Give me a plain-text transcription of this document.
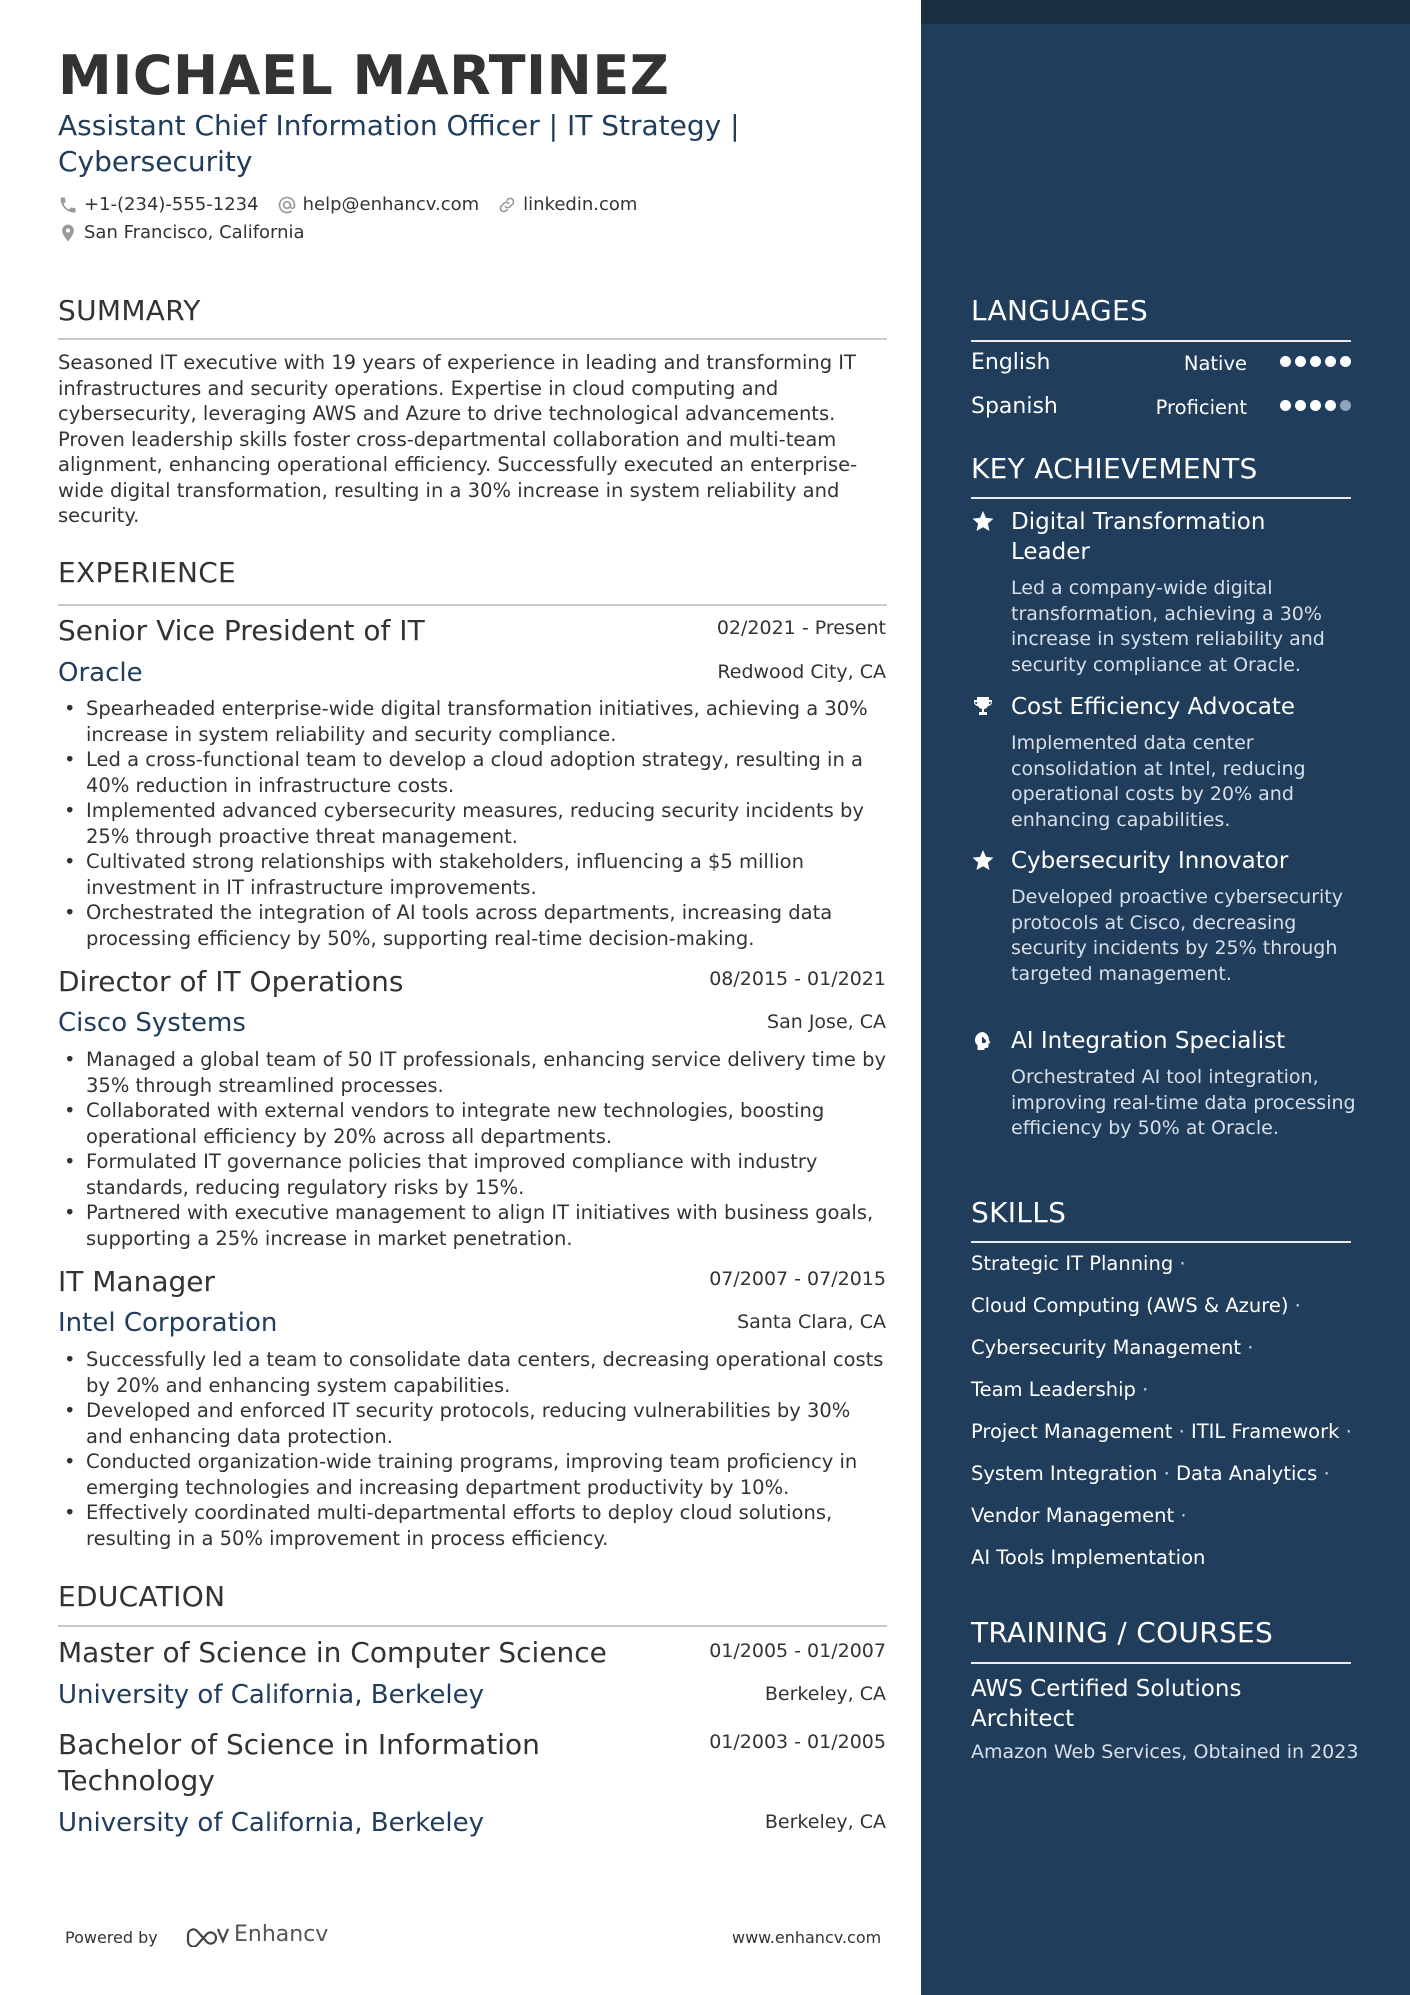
MICHAEL MARTINEZ
Assistant Chief Information Officer | IT Strategy | Cybersecurity
+1-(234)-555-1234 help@enhancv.com linkedin.com
San Francisco, California
SUMMARY
Seasoned IT executive with 19 years of experience in leading and transforming IT infrastructures and security operations. Expertise in cloud computing and cybersecurity, leveraging AWS and Azure to drive technological advancements. Proven leadership skills foster cross-departmental collaboration and multi-team alignment, enhancing operational efficiency. Successfully executed an enterprise-wide digital transformation, resulting in a 30% increase in system reliability and security.
EXPERIENCE
Senior Vice President of IT	02/2021 - Present
Oracle	Redwood City, CA
• Spearheaded enterprise-wide digital transformation initiatives, achieving a 30% increase in system reliability and security compliance.
• Led a cross-functional team to develop a cloud adoption strategy, resulting in a 40% reduction in infrastructure costs.
• Implemented advanced cybersecurity measures, reducing security incidents by 25% through proactive threat management.
• Cultivated strong relationships with stakeholders, influencing a $5 million investment in IT infrastructure improvements.
• Orchestrated the integration of AI tools across departments, increasing data processing efficiency by 50%, supporting real-time decision-making.
Director of IT Operations	08/2015 - 01/2021
Cisco Systems	San Jose, CA
• Managed a global team of 50 IT professionals, enhancing service delivery time by 35% through streamlined processes.
• Collaborated with external vendors to integrate new technologies, boosting operational efficiency by 20% across all departments.
• Formulated IT governance policies that improved compliance with industry standards, reducing regulatory risks by 15%.
• Partnered with executive management to align IT initiatives with business goals, supporting a 25% increase in market penetration.
IT Manager	07/2007 - 07/2015
Intel Corporation	Santa Clara, CA
• Successfully led a team to consolidate data centers, decreasing operational costs by 20% and enhancing system capabilities.
• Developed and enforced IT security protocols, reducing vulnerabilities by 30% and enhancing data protection.
• Conducted organization-wide training programs, improving team proficiency in emerging technologies and increasing department productivity by 10%.
• Effectively coordinated multi-departmental efforts to deploy cloud solutions, resulting in a 50% improvement in process efficiency.
EDUCATION
Master of Science in Computer Science	01/2005 - 01/2007
University of California, Berkeley	Berkeley, CA
Bachelor of Science in Information Technology
01/2003 - 01/2005
University of California, Berkeley	Berkeley, CA
Powered by	Enhancv	www.enhancv.com
LANGUAGES
English	Native
Spanish	Proficient
KEY ACHIEVEMENTS
Digital Transformation Leader
Led a company-wide digital transformation, achieving a 30% increase in system reliability and security compliance at Oracle.
Cost Efficiency Advocate
Implemented data center consolidation at Intel, reducing operational costs by 20% and enhancing capabilities.
Cybersecurity Innovator
Developed proactive cybersecurity protocols at Cisco, decreasing security incidents by 25% through targeted management.
AI Integration Specialist
Orchestrated AI tool integration, improving real-time data processing efficiency by 50% at Oracle.
SKILLS
Strategic IT Planning ·
Cloud Computing (AWS & Azure) ·
Cybersecurity Management ·
Team Leadership ·
Project Management · ITIL Framework ·
System Integration · Data Analytics ·
Vendor Management ·
AI Tools Implementation
TRAINING / COURSES
AWS Certified Solutions Architect
Amazon Web Services, Obtained in 2023
